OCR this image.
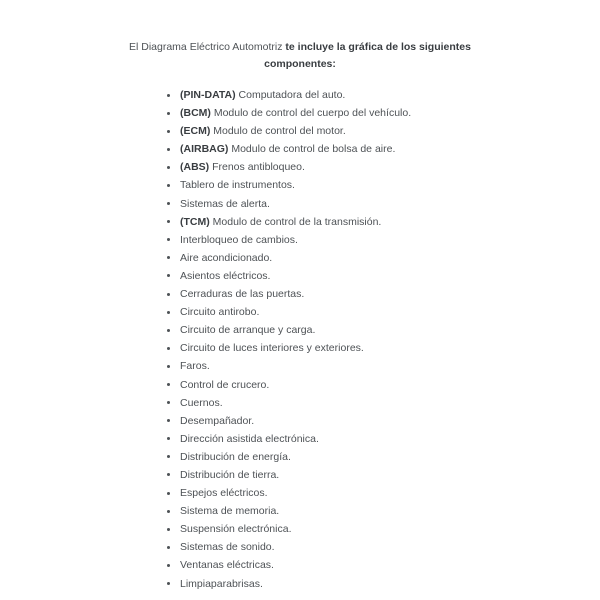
El Diagrama Eléctrico Automotriz te incluye la gráfica de los siguientes componentes:

(PIN-DATA) Computadora del auto.
(BCM) Modulo de control del cuerpo del vehículo.
(ECM) Modulo de control del motor.
(AIRBAG) Modulo de control de bolsa de aire.
(ABS) Frenos antibloqueo.
Tablero de instrumentos.
Sistemas de alerta.
(TCM) Modulo de control de la transmisión.
Interbloqueo de cambios.
Aire acondicionado.
Asientos eléctricos.
Cerraduras de las puertas.
Circuito antirobo.
Circuito de arranque y carga.
Circuito de luces interiores y exteriores.
Faros.
Control de crucero.
Cuernos.
Desempañador.
Dirección asistida electrónica.
Distribución de energía.
Distribución de tierra.
Espejos eléctricos.
Sistema de memoria.
Suspensión electrónica.
Sistemas de sonido.
Ventanas eléctricas.
Limpiaparabrisas.
